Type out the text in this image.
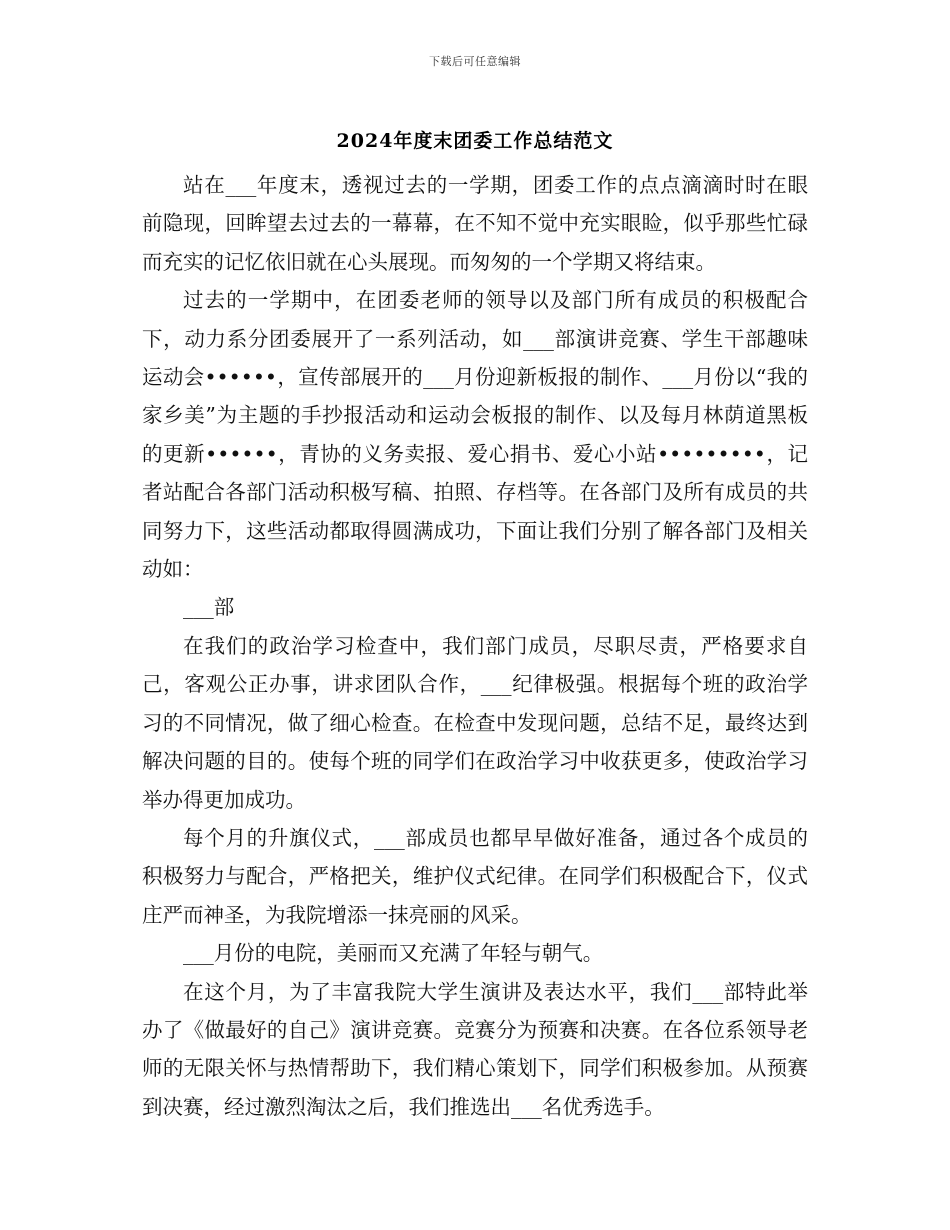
下载后可任意编辑
2024年度末团委工作总结范文

站在___年度末，透视过去的一学期，团委工作的点点滴滴时时在眼前隐现，回眸望去过去的一幕幕，在不知不觉中充实眼睑，似乎那些忙碌而充实的记忆依旧就在心头展现。而匆匆的一个学期又将结束。

过去的一学期中，在团委老师的领导以及部门所有成员的积极配合下，动力系分团委展开了一系列活动，如___部演讲竞赛、学生干部趣味运动会••••••，宣传部展开的___月份迎新板报的制作、___月份以“我的家乡美”为主题的手抄报活动和运动会板报的制作、以及每月林荫道黑板的更新••••••，青协的义务卖报、爱心捐书、爱心小站•••••••••，记者站配合各部门活动积极写稿、拍照、存档等。在各部门及所有成员的共同努力下，这些活动都取得圆满成功，下面让我们分别了解各部门及相关动如：

___部

在我们的政治学习检查中，我们部门成员，尽职尽责，严格要求自己，客观公正办事，讲求团队合作，___纪律极强。根据每个班的政治学习的不同情况，做了细心检查。在检查中发现问题，总结不足，最终达到解决问题的目的。使每个班的同学们在政治学习中收获更多，使政治学习举办得更加成功。

每个月的升旗仪式，___部成员也都早早做好准备，通过各个成员的积极努力与配合，严格把关，维护仪式纪律。在同学们积极配合下，仪式庄严而神圣，为我院增添一抹亮丽的风采。

___月份的电院，美丽而又充满了年轻与朝气。

在这个月，为了丰富我院大学生演讲及表达水平，我们___部特此举办了《做最好的自己》演讲竞赛。竞赛分为预赛和决赛。在各位系领导老师的无限关怀与热情帮助下，我们精心策划下，同学们积极参加。从预赛到决赛，经过激烈淘汰之后，我们推选出___名优秀选手。
